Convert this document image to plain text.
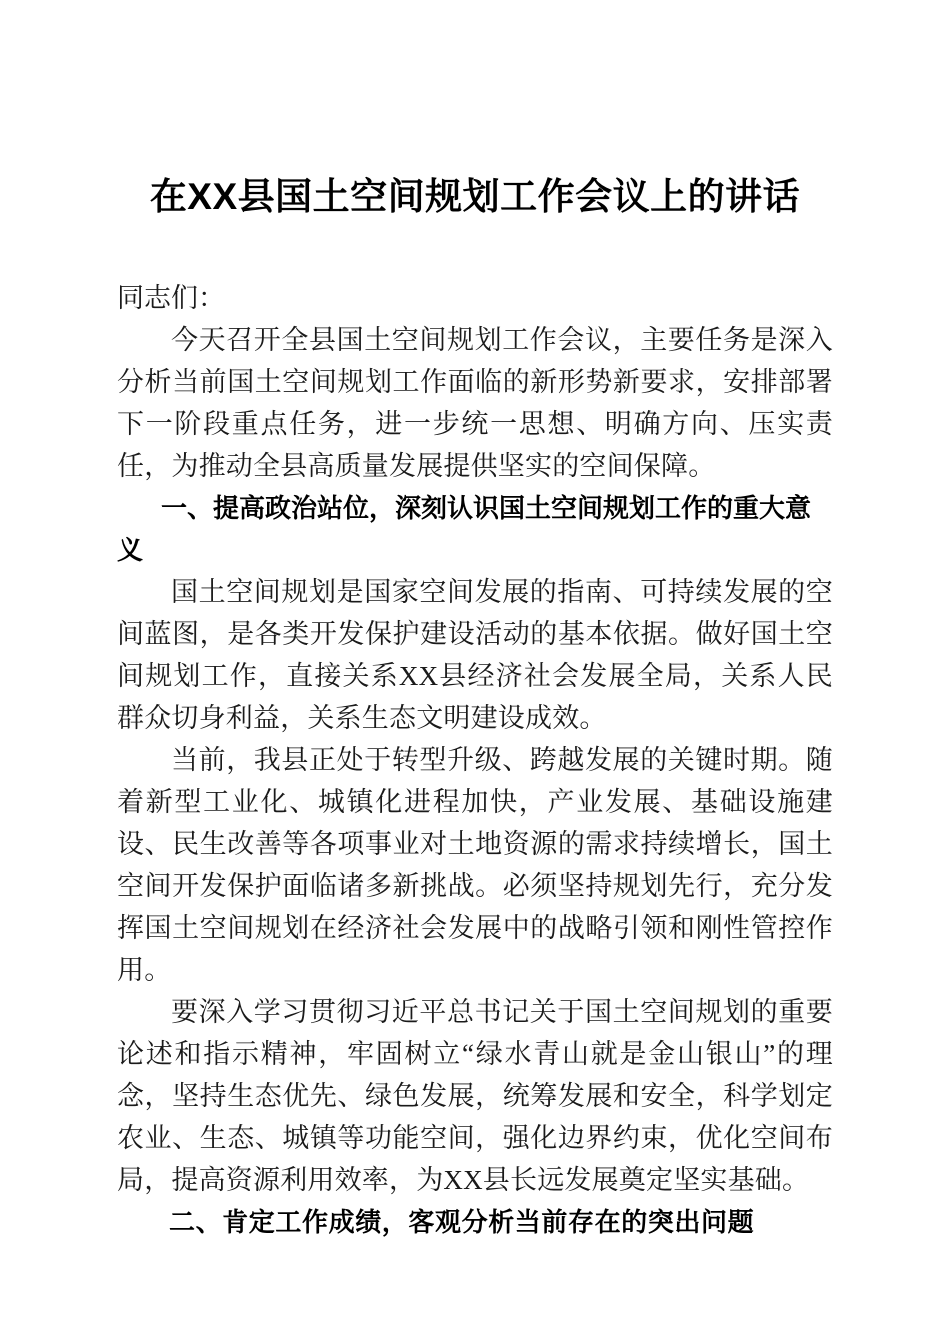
在XX县国土空间规划工作会议上的讲话

同志们：

今天召开全县国土空间规划工作会议，主要任务是深入分析当前国土空间规划工作面临的新形势新要求，安排部署下一阶段重点任务，进一步统一思想、明确方向、压实责任，为推动全县高质量发展提供坚实的空间保障。

一、提高政治站位，深刻认识国土空间规划工作的重大意义

国土空间规划是国家空间发展的指南、可持续发展的空间蓝图，是各类开发保护建设活动的基本依据。做好国土空间规划工作，直接关系XX县经济社会发展全局，关系人民群众切身利益，关系生态文明建设成效。

当前，我县正处于转型升级、跨越发展的关键时期。随着新型工业化、城镇化进程加快，产业发展、基础设施建设、民生改善等各项事业对土地资源的需求持续增长，国土空间开发保护面临诸多新挑战。必须坚持规划先行，充分发挥国土空间规划在经济社会发展中的战略引领和刚性管控作用。

要深入学习贯彻习近平总书记关于国土空间规划的重要论述和指示精神，牢固树立“绿水青山就是金山银山”的理念，坚持生态优先、绿色发展，统筹发展和安全，科学划定农业、生态、城镇等功能空间，强化边界约束，优化空间布局，提高资源利用效率，为XX县长远发展奠定坚实基础。

二、肯定工作成绩，客观分析当前存在的突出问题
